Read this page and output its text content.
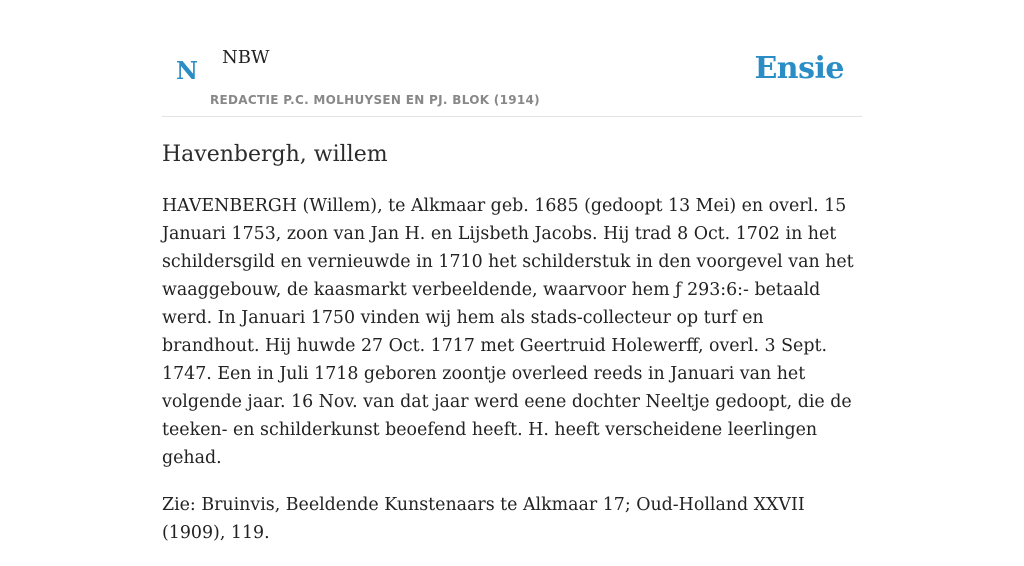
N NBW
REDACTIE P.C. MOLHUYSEN EN PJ. BLOK (1914)
Ensie
Havenbergh, willem

HAVENBERGH (Willem), te Alkmaar geb. 1685 (gedoopt 13 Mei) en overl. 15 Januari 1753, zoon van Jan H. en Lijsbeth Jacobs. Hij trad 8 Oct. 1702 in het schildersgild en vernieuwde in 1710 het schilderstuk in den voorgevel van het waaggebouw, de kaasmarkt verbeeldende, waarvoor hem ƒ 293:6:- betaald werd. In Januari 1750 vinden wij hem als stads-collecteur op turf en brandhout. Hij huwde 27 Oct. 1717 met Geertruid Holewerff, overl. 3 Sept. 1747. Een in Juli 1718 geboren zoontje overleed reeds in Januari van het volgende jaar. 16 Nov. van dat jaar werd eene dochter Neeltje gedoopt, die de teeken- en schilderkunst beoefend heeft. H. heeft verscheidene leerlingen gehad.

Zie: Bruinvis, Beeldende Kunstenaars te Alkmaar 17; Oud-Holland XXVII (1909), 119.
